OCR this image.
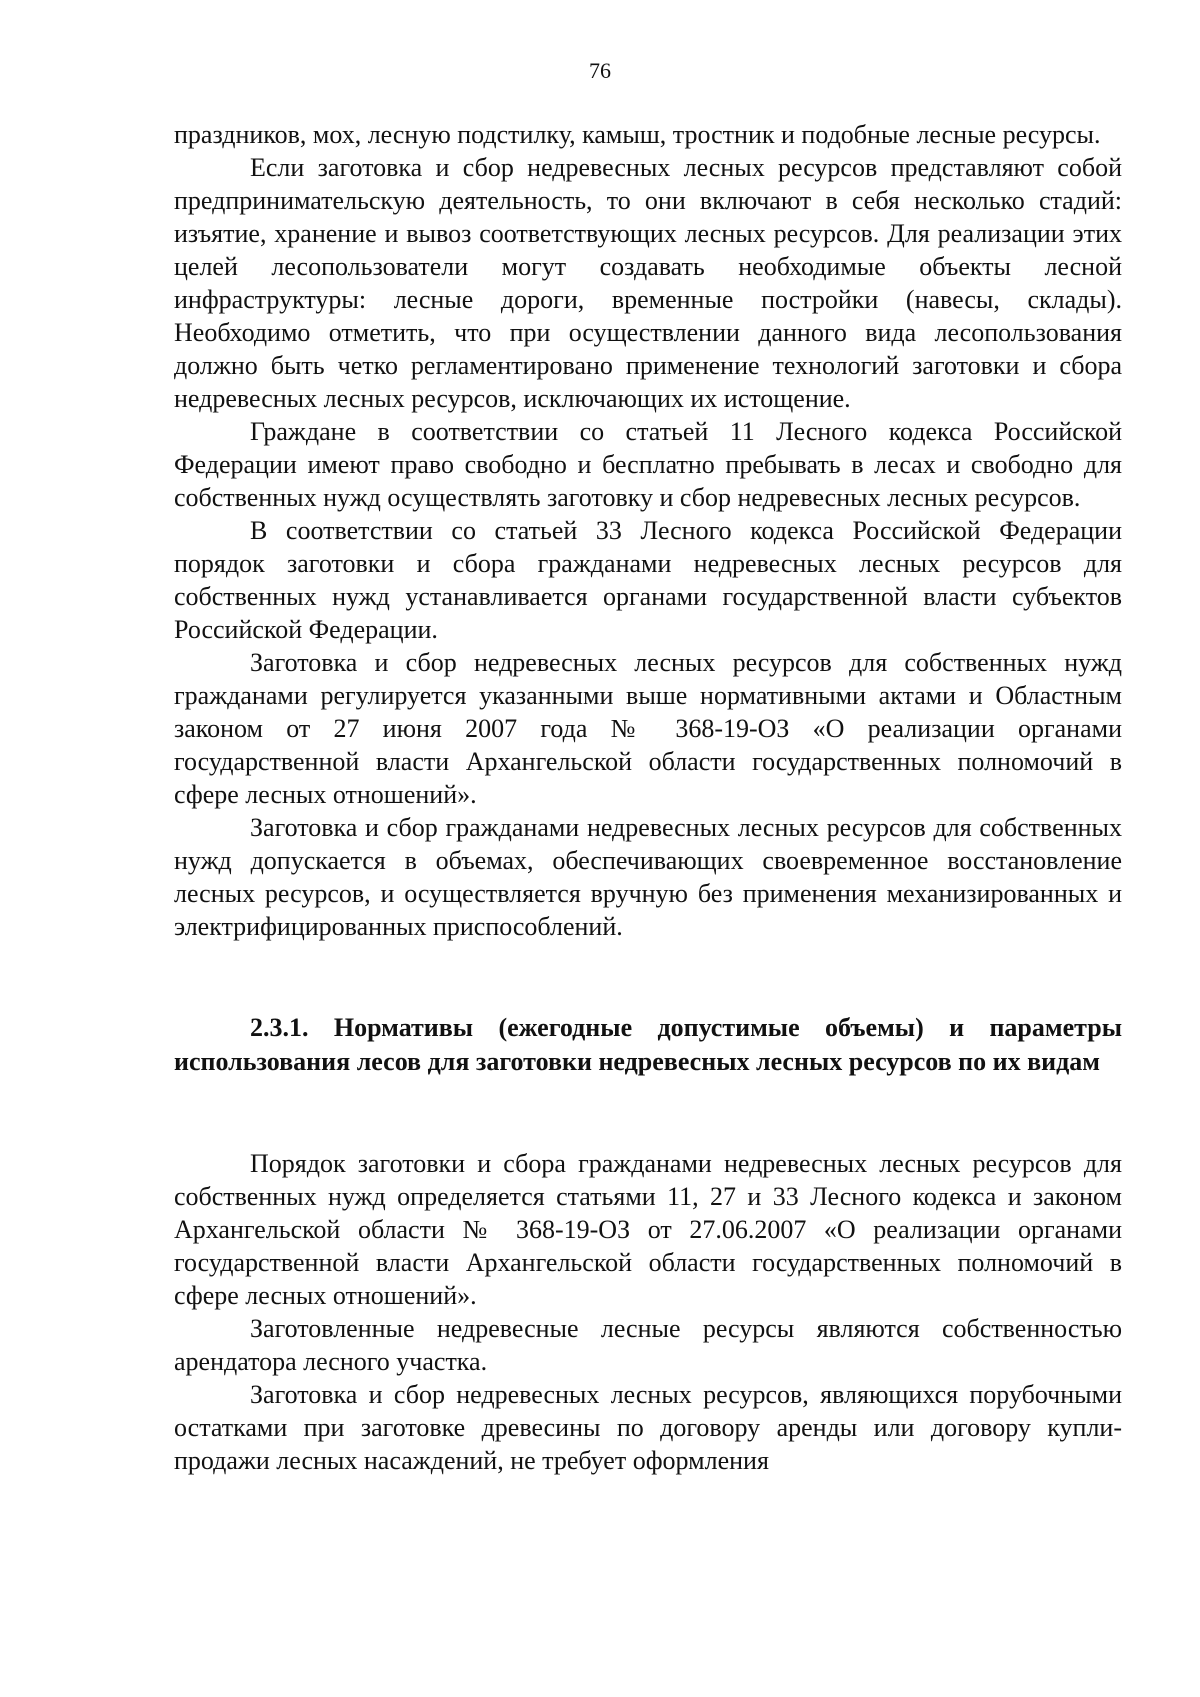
76

праздников, мох, лесную подстилку, камыш, тростник и подобные лесные ресурсы.

Если заготовка и сбор недревесных лесных ресурсов представляют собой предпринимательскую деятельность, то они включают в себя несколько стадий: изъятие, хранение и вывоз соответствующих лесных ресурсов. Для реализации этих целей лесопользователи могут создавать необходимые объекты лесной инфраструктуры: лесные дороги, временные постройки (навесы, склады). Необходимо отметить, что при осуществлении данного вида лесопользования должно быть четко регламентировано применение технологий заготовки и сбора недревесных лесных ресурсов, исключающих их истощение.

Граждане в соответствии со статьей 11 Лесного кодекса Российской Федерации имеют право свободно и бесплатно пребывать в лесах и свободно для собственных нужд осуществлять заготовку и сбор недревесных лесных ресурсов.

В соответствии со статьей 33 Лесного кодекса Российской Федерации порядок заготовки и сбора гражданами недревесных лесных ресурсов для собственных нужд устанавливается органами государственной власти субъектов Российской Федерации.

Заготовка и сбор недревесных лесных ресурсов для собственных нужд гражданами регулируется указанными выше нормативными актами и Областным законом от 27 июня 2007 года № 368-19-ОЗ «О реализации органами государственной власти Архангельской области государственных полномочий в сфере лесных отношений».

Заготовка и сбор гражданами недревесных лесных ресурсов для собственных нужд допускается в объемах, обеспечивающих своевременное восстановление лесных ресурсов, и осуществляется вручную без применения механизированных и электрифицированных приспособлений.

2.3.1. Нормативы (ежегодные допустимые объемы) и параметры использования лесов для заготовки недревесных лесных ресурсов по их видам

Порядок заготовки и сбора гражданами недревесных лесных ресурсов для собственных нужд определяется статьями 11, 27 и 33 Лесного кодекса и законом Архангельской области № 368-19-ОЗ от 27.06.2007 «О реализации органами государственной власти Архангельской области государственных полномочий в сфере лесных отношений».

Заготовленные недревесные лесные ресурсы являются собственностью арендатора лесного участка.

Заготовка и сбор недревесных лесных ресурсов, являющихся порубочными остатками при заготовке древесины по договору аренды или договору купли-продажи лесных насаждений, не требует оформления
